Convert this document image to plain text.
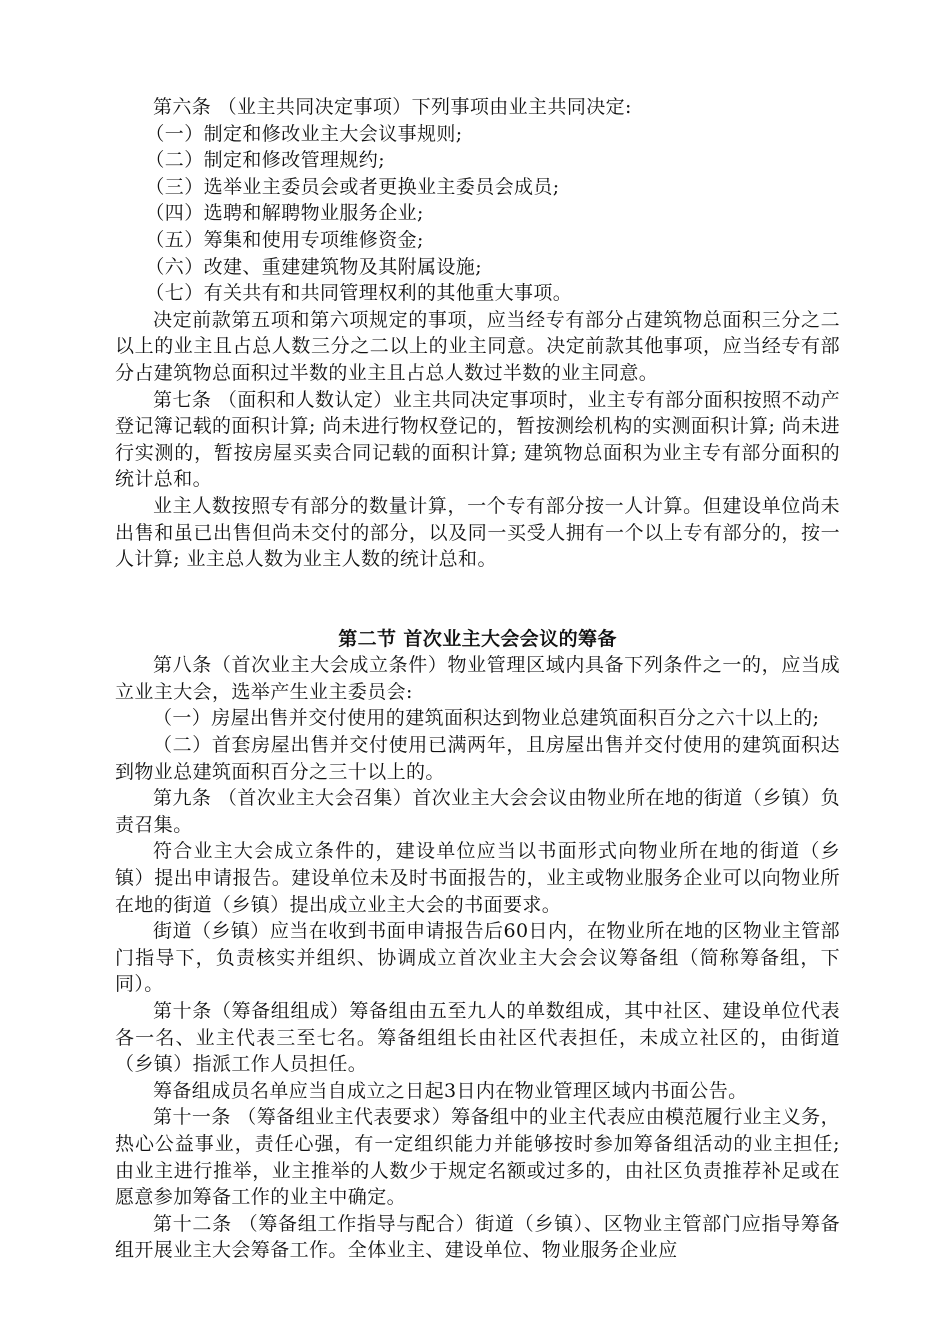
第六条 （业主共同决定事项）下列事项由业主共同决定:

（一）制定和修改业主大会议事规则;

（二）制定和修改管理规约;

（三）选举业主委员会或者更换业主委员会成员;

（四）选聘和解聘物业服务企业;

（五）筹集和使用专项维修资金;

（六）改建、重建建筑物及其附属设施;

（七）有关共有和共同管理权利的其他重大事项。

决定前款第五项和第六项规定的事项，应当经专有部分占建筑物总面积三分之二以上的业主且占总人数三分之二以上的业主同意。决定前款其他事项，应当经专有部分占建筑物总面积过半数的业主且占总人数过半数的业主同意。

第七条 （面积和人数认定）业主共同决定事项时，业主专有部分面积按照不动产登记簿记载的面积计算; 尚未进行物权登记的，暂按测绘机构的实测面积计算; 尚未进行实测的，暂按房屋买卖合同记载的面积计算; 建筑物总面积为业主专有部分面积的统计总和。

业主人数按照专有部分的数量计算，一个专有部分按一人计算。但建设单位尚未出售和虽已出售但尚未交付的部分，以及同一买受人拥有一个以上专有部分的，按一人计算; 业主总人数为业主人数的统计总和。

第二节 首次业主大会会议的筹备

第八条（首次业主大会成立条件）物业管理区域内具备下列条件之一的，应当成立业主大会，选举产生业主委员会:

（一）房屋出售并交付使用的建筑面积达到物业总建筑面积百分之六十以上的;

（二）首套房屋出售并交付使用已满两年，且房屋出售并交付使用的建筑面积达到物业总建筑面积百分之三十以上的。

第九条 （首次业主大会召集）首次业主大会会议由物业所在地的街道（乡镇）负责召集。

符合业主大会成立条件的，建设单位应当以书面形式向物业所在地的街道（乡镇）提出申请报告。建设单位未及时书面报告的，业主或物业服务企业可以向物业所在地的街道（乡镇）提出成立业主大会的书面要求。

街道（乡镇）应当在收到书面申请报告后60日内，在物业所在地的区物业主管部门指导下，负责核实并组织、协调成立首次业主大会会议筹备组（简称筹备组，下同）。

第十条（筹备组组成）筹备组由五至九人的单数组成，其中社区、建设单位代表各一名、业主代表三至七名。筹备组组长由社区代表担任，未成立社区的，由街道（乡镇）指派工作人员担任。

筹备组成员名单应当自成立之日起3日内在物业管理区域内书面公告。

第十一条 （筹备组业主代表要求）筹备组中的业主代表应由模范履行业主义务，热心公益事业，责任心强，有一定组织能力并能够按时参加筹备组活动的业主担任; 由业主进行推举，业主推举的人数少于规定名额或过多的，由社区负责推荐补足或在愿意参加筹备工作的业主中确定。

第十二条 （筹备组工作指导与配合）街道（乡镇）、区物业主管部门应指导筹备组开展业主大会筹备工作。全体业主、建设单位、物业服务企业应
